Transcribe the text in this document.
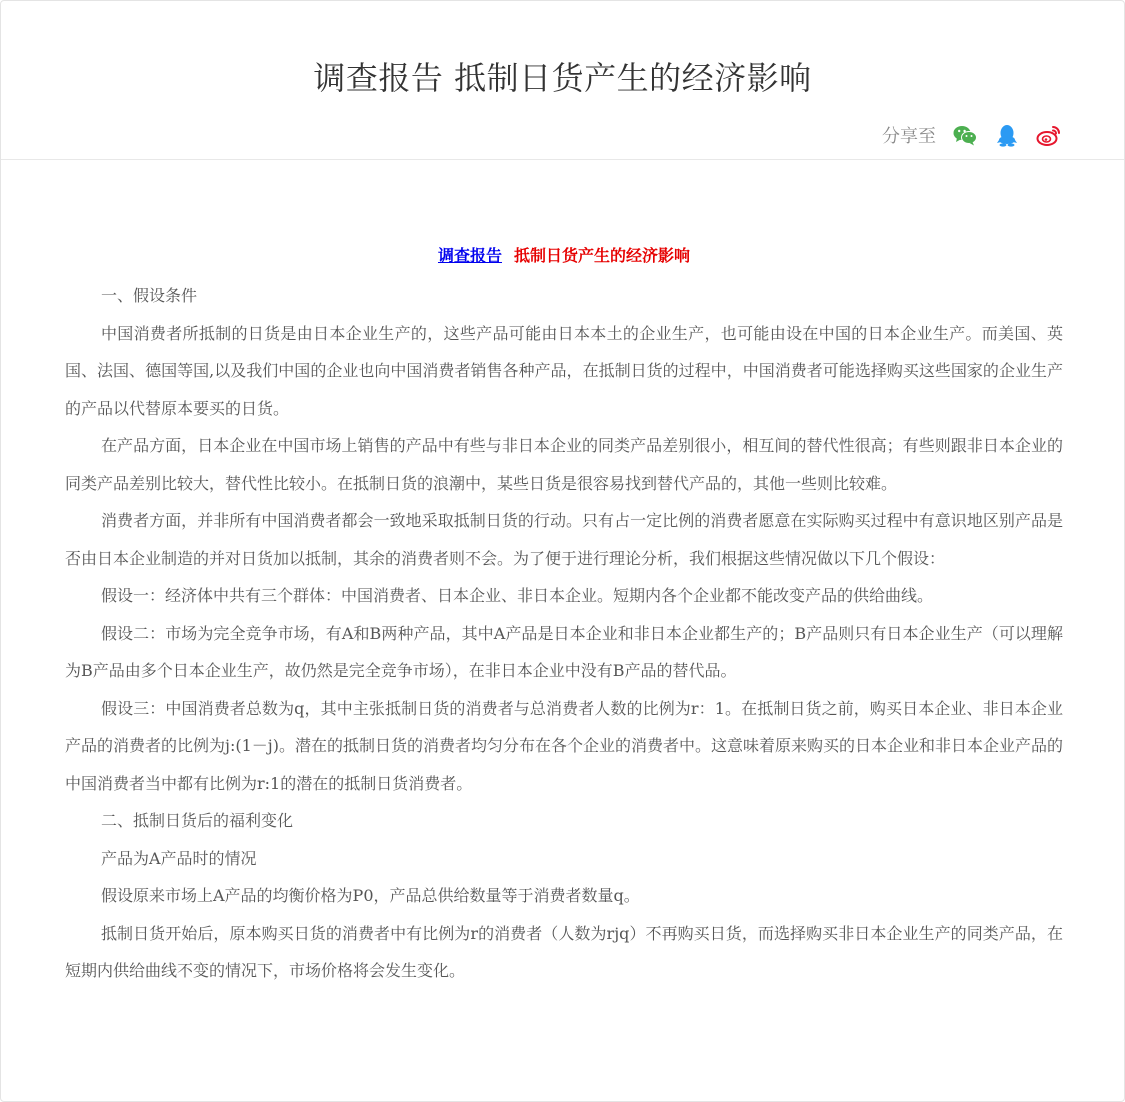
调查报告 抵制日货产生的经济影响
分享至
调查报告 抵制日货产生的经济影响

一、假设条件

中国消费者所抵制的日货是由日本企业生产的，这些产品可能由日本本土的企业生产，也可能由设在中国的日本企业生产。而美国、英国、法国、德国等国,以及我们中国的企业也向中国消费者销售各种产品，在抵制日货的过程中，中国消费者可能选择购买这些国家的企业生产的产品以代替原本要买的日货。

在产品方面，日本企业在中国市场上销售的产品中有些与非日本企业的同类产品差别很小，相互间的替代性很高；有些则跟非日本企业的同类产品差别比较大，替代性比较小。在抵制日货的浪潮中，某些日货是很容易找到替代产品的，其他一些则比较难。

消费者方面，并非所有中国消费者都会一致地采取抵制日货的行动。只有占一定比例的消费者愿意在实际购买过程中有意识地区别产品是否由日本企业制造的并对日货加以抵制，其余的消费者则不会。为了便于进行理论分析，我们根据这些情况做以下几个假设：

假设一：经济体中共有三个群体：中国消费者、日本企业、非日本企业。短期内各个企业都不能改变产品的供给曲线。

假设二：市场为完全竞争市场，有A和B两种产品，其中A产品是日本企业和非日本企业都生产的；B产品则只有日本企业生产（可以理解为B产品由多个日本企业生产，故仍然是完全竞争市场），在非日本企业中没有B产品的替代品。

假设三：中国消费者总数为q，其中主张抵制日货的消费者与总消费者人数的比例为r：1。在抵制日货之前，购买日本企业、非日本企业产品的消费者的比例为j:(1－j)。潜在的抵制日货的消费者均匀分布在各个企业的消费者中。这意味着原来购买的日本企业和非日本企业产品的中国消费者当中都有比例为r:1的潜在的抵制日货消费者。

二、抵制日货后的福利变化

产品为A产品时的情况

假设原来市场上A产品的均衡价格为P0，产品总供给数量等于消费者数量q。

抵制日货开始后，原本购买日货的消费者中有比例为r的消费者（人数为rjq）不再购买日货，而选择购买非日本企业生产的同类产品，在短期内供给曲线不变的情况下，市场价格将会发生变化。
